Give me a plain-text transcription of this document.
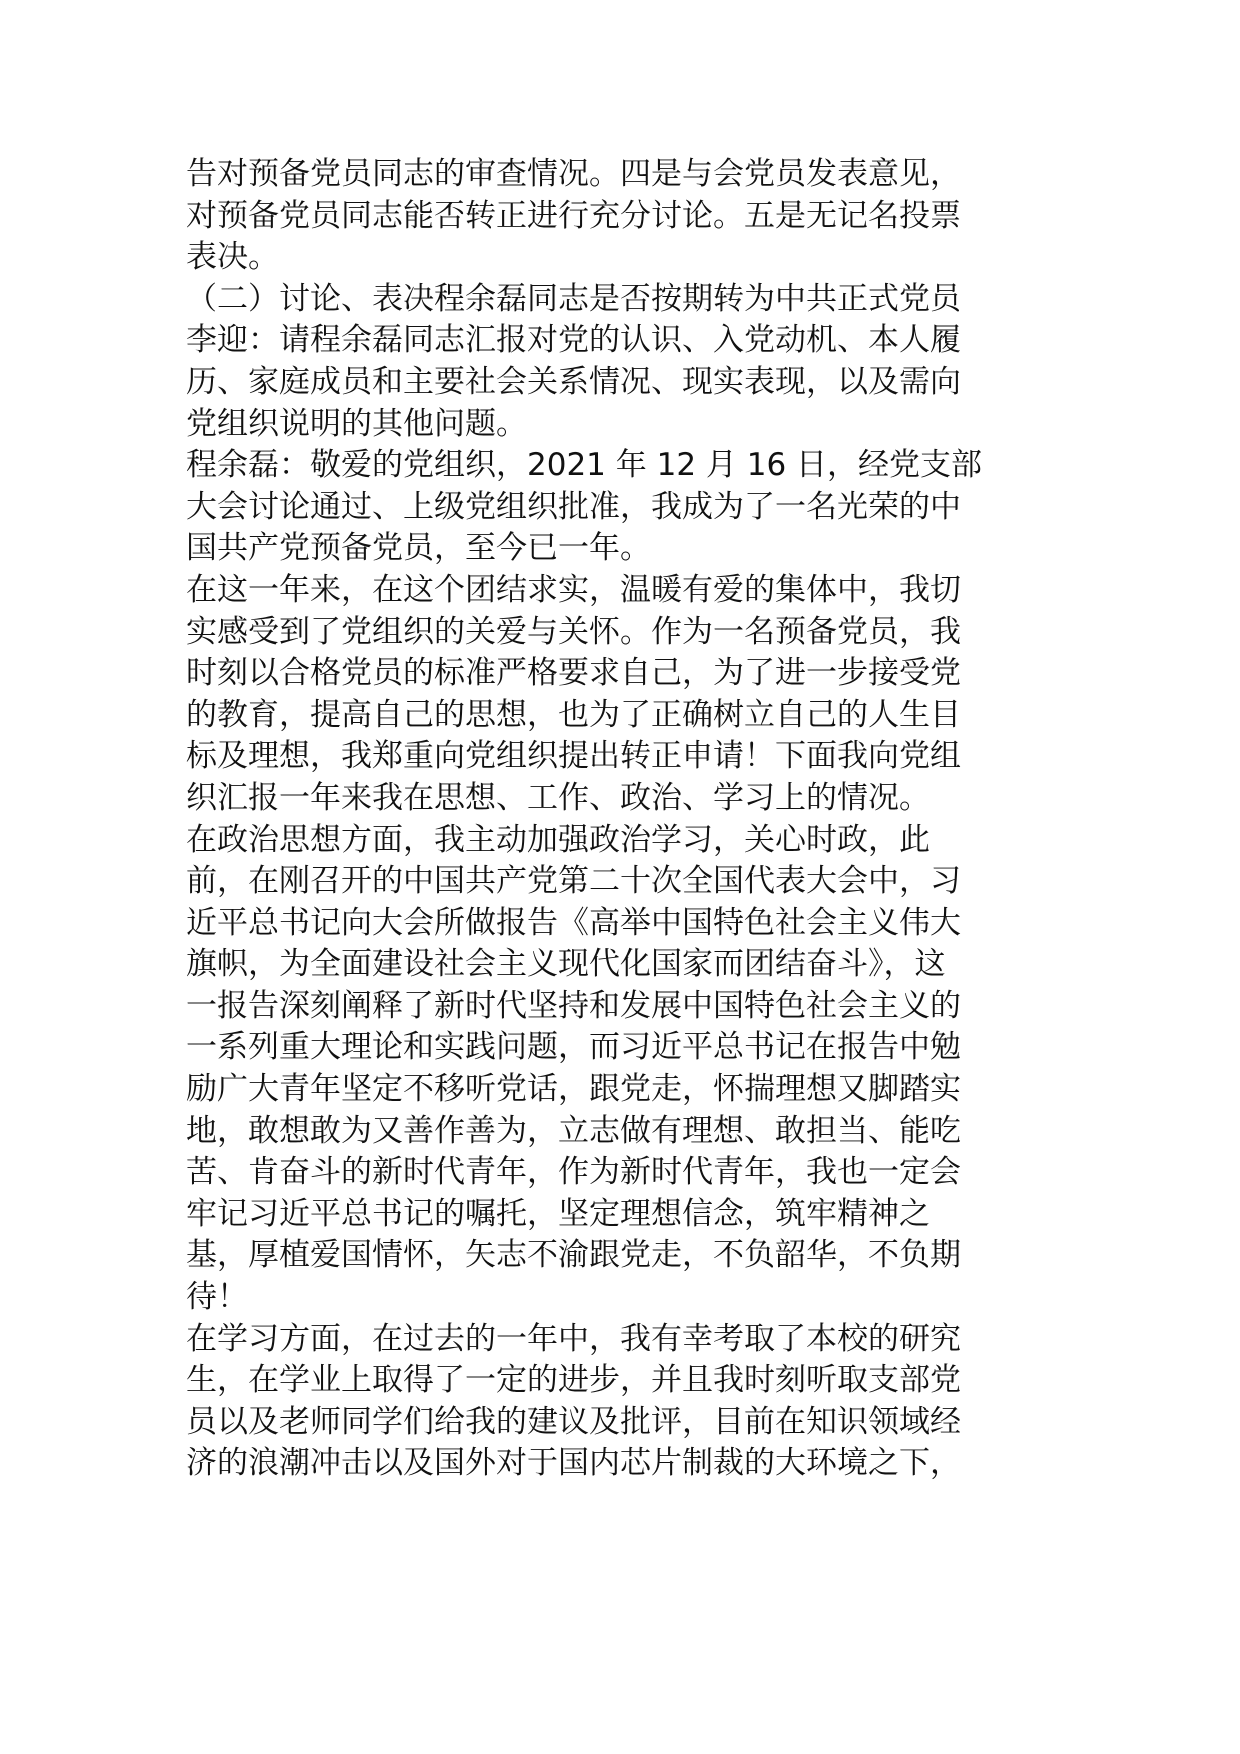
告对预备党员同志的审查情况。四是与会党员发表意见，
对预备党员同志能否转正进行充分讨论。五是无记名投票
表决。
（二）讨论、表决程余磊同志是否按期转为中共正式党员
李迎：请程余磊同志汇报对党的认识、入党动机、本人履
历、家庭成员和主要社会关系情况、现实表现，以及需向
党组织说明的其他问题。
程余磊：敬爱的党组织，2021 年 12 月 16 日，经党支部
大会讨论通过、上级党组织批准，我成为了一名光荣的中
国共产党预备党员，至今已一年。
在这一年来，在这个团结求实，温暖有爱的集体中，我切
实感受到了党组织的关爱与关怀。作为一名预备党员，我
时刻以合格党员的标准严格要求自己，为了进一步接受党
的教育，提高自己的思想，也为了正确树立自己的人生目
标及理想，我郑重向党组织提出转正申请！下面我向党组
织汇报一年来我在思想、工作、政治、学习上的情况。
在政治思想方面，我主动加强政治学习，关心时政，此
前，在刚召开的中国共产党第二十次全国代表大会中，习
近平总书记向大会所做报告《高举中国特色社会主义伟大
旗帜，为全面建设社会主义现代化国家而团结奋斗》，这
一报告深刻阐释了新时代坚持和发展中国特色社会主义的
一系列重大理论和实践问题，而习近平总书记在报告中勉
励广大青年坚定不移听党话，跟党走，怀揣理想又脚踏实
地，敢想敢为又善作善为，立志做有理想、敢担当、能吃
苦、肯奋斗的新时代青年，作为新时代青年，我也一定会
牢记习近平总书记的嘱托，坚定理想信念，筑牢精神之
基，厚植爱国情怀，矢志不渝跟党走，不负韶华，不负期
待！
在学习方面，在过去的一年中，我有幸考取了本校的研究
生，在学业上取得了一定的进步，并且我时刻听取支部党
员以及老师同学们给我的建议及批评，目前在知识领域经
济的浪潮冲击以及国外对于国内芯片制裁的大环境之下，
